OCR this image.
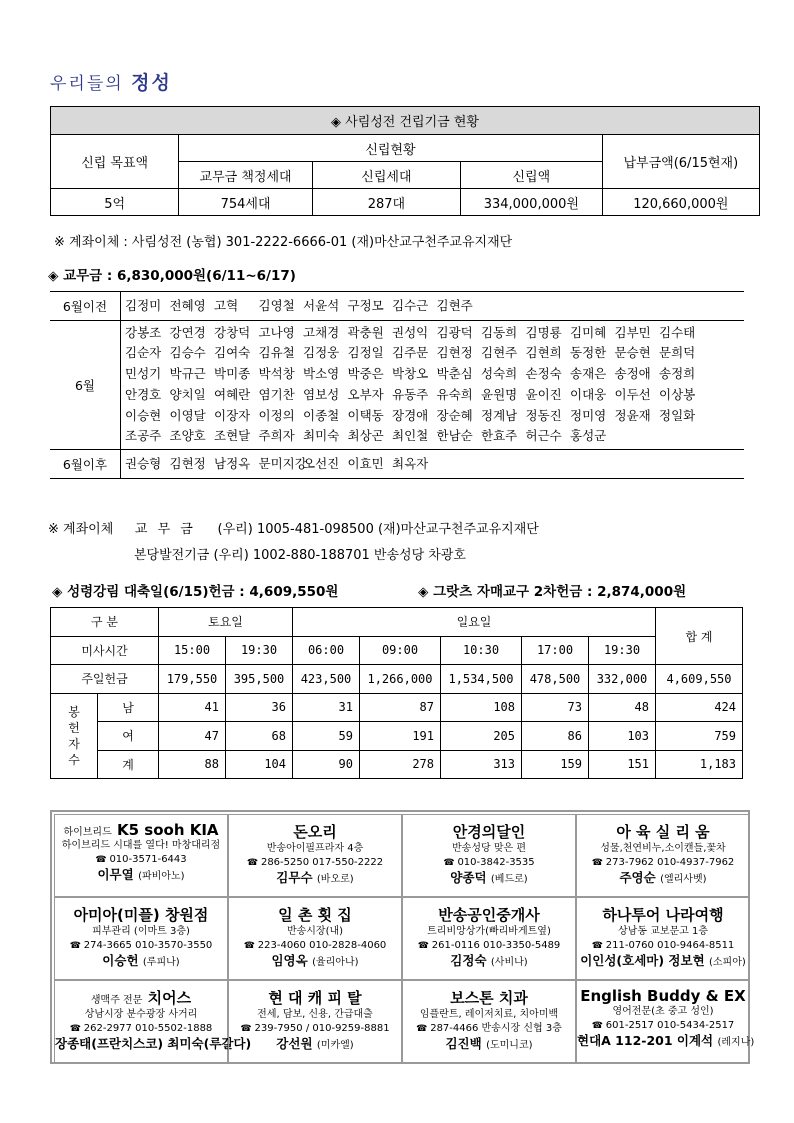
우리들의 정성
◈ 사림성전 건립기금 현황				
신립 목표액	신립현황			납부금액(6/15현재)
	교무금 책정세대	신립세대	신립액	
5억	754세대	287대	334,000,000원	120,660,000원
※ 계좌이체 : 사림성전 (농협) 301-2222-6666-01 (재)마산교구천주교유지재단
◈ 교무금 : 6,830,000원(6/11~6/17)
6월이전	김정미 전혜영 고혁 김영철 서윤석 구정모 김수근 김현주
6월	강봉조 강연경 강창덕 고나영 고채경 곽충원 권성익 김광덕 김동희 김명룡 김미혜 김부민 김수태김순자 김승수 김여숙 김유철 김정웅 김정일 김주문 김현정 김현주 김현희 동정한 문승현 문희덕민성기 박규근 박미종 박석창 박소영 박중은 박창오 박춘심 성숙희 손정숙 송재은 송정애 송정희안경호 양치일 여혜란 염기찬 염보성 오부자 유동주 유숙희 윤원명 윤이진 이대웅 이두선 이상봉이승현 이영달 이장자 이정의 이종철 이택동 장경애 장순혜 정계남 정동진 정미영 정윤재 정일화조공주 조양호 조현달 주희자 최미숙 최상곤 최인철 한남순 한효주 허근수 홍성군
6월이후	권승형 김현정 남정옥 문미지강오선진 이효민 최옥자
※ 계좌이체 교 무 금 (우리) 1005-481-098500 (재)마산교구천주교유지재단
본당발전기금 (우리) 1002-880-188701 반송성당 차광호
◈ 성령강림 대축일(6/15)헌금 : 4,609,550원	◈ 그랏츠 자매교구 2차헌금 : 2,874,000원
구 분		토요일		일요일					합 계
미사시간		15:00	19:30	06:00	09:00	10:30	17:00	19:30	
주일헌금		179,550	395,500	423,500	1,266,000	1,534,500	478,500	332,000	4,609,550

봉
헌
자
수	남	41	36	31	87	108	73	48	424
	여	47	68	59	191	205	86	103	759
	계	88	104	90	278	313	159	151	1,183
하이브리드 K5 sooh KIA
하이브리드 시대를 열다! 마창대리점
☎ 010-3571-6443
이무열 (파비아노)
돈오리
반송아이필프라자 4층
☎ 286-5250 017-550-2222
김무수 (바오로)
안경의달인
반송성당 맞은 편
☎ 010-3842-3535
양종덕 (베드로)
아 육 실 리 움
성물,천연비누,소이캔들,꽃차
☎ 273-7962 010-4937-7962
주영순 (엘리사벳)
아미아(미플) 창원점
피부관리 (이마트 3층)
☎ 274-3665 010-3570-3550
이승헌 (루피나)
일 촌 횟 집
반송시장(내)
☎ 223-4060 010-2828-4060
임영옥 (율리아나)
반송공인중개사
트리비앙상가(빠리바게트옆)
☎ 261-0116 010-3350-5489
김정숙 (사비나)
하나투어 나라여행
상남동 교보문고 1층
☎ 211-0760 010-9464-8511
이인성(호세마) 정보현 (소피아)
생맥주 전문 치어스
상남시장 분수광장 사거리
☎ 262-2977 010-5502-1888
장종태(프란치스코) 최미숙(루갈다)
현 대 캐 피 탈
전세, 담보, 신용, 간급대출
☎ 239-7950 / 010-9259-8881
강선원 (미카엘)
보스톤 치과
임플란트, 레이저치료, 치아미백
☎ 287-4466 반송시장 신협 3층
김진백 (도미니코)
English Buddy & EX
영어전문(초 중고 성인)
☎ 601-2517 010-5434-2517
현대A 112-201 이계석 (레지나)
